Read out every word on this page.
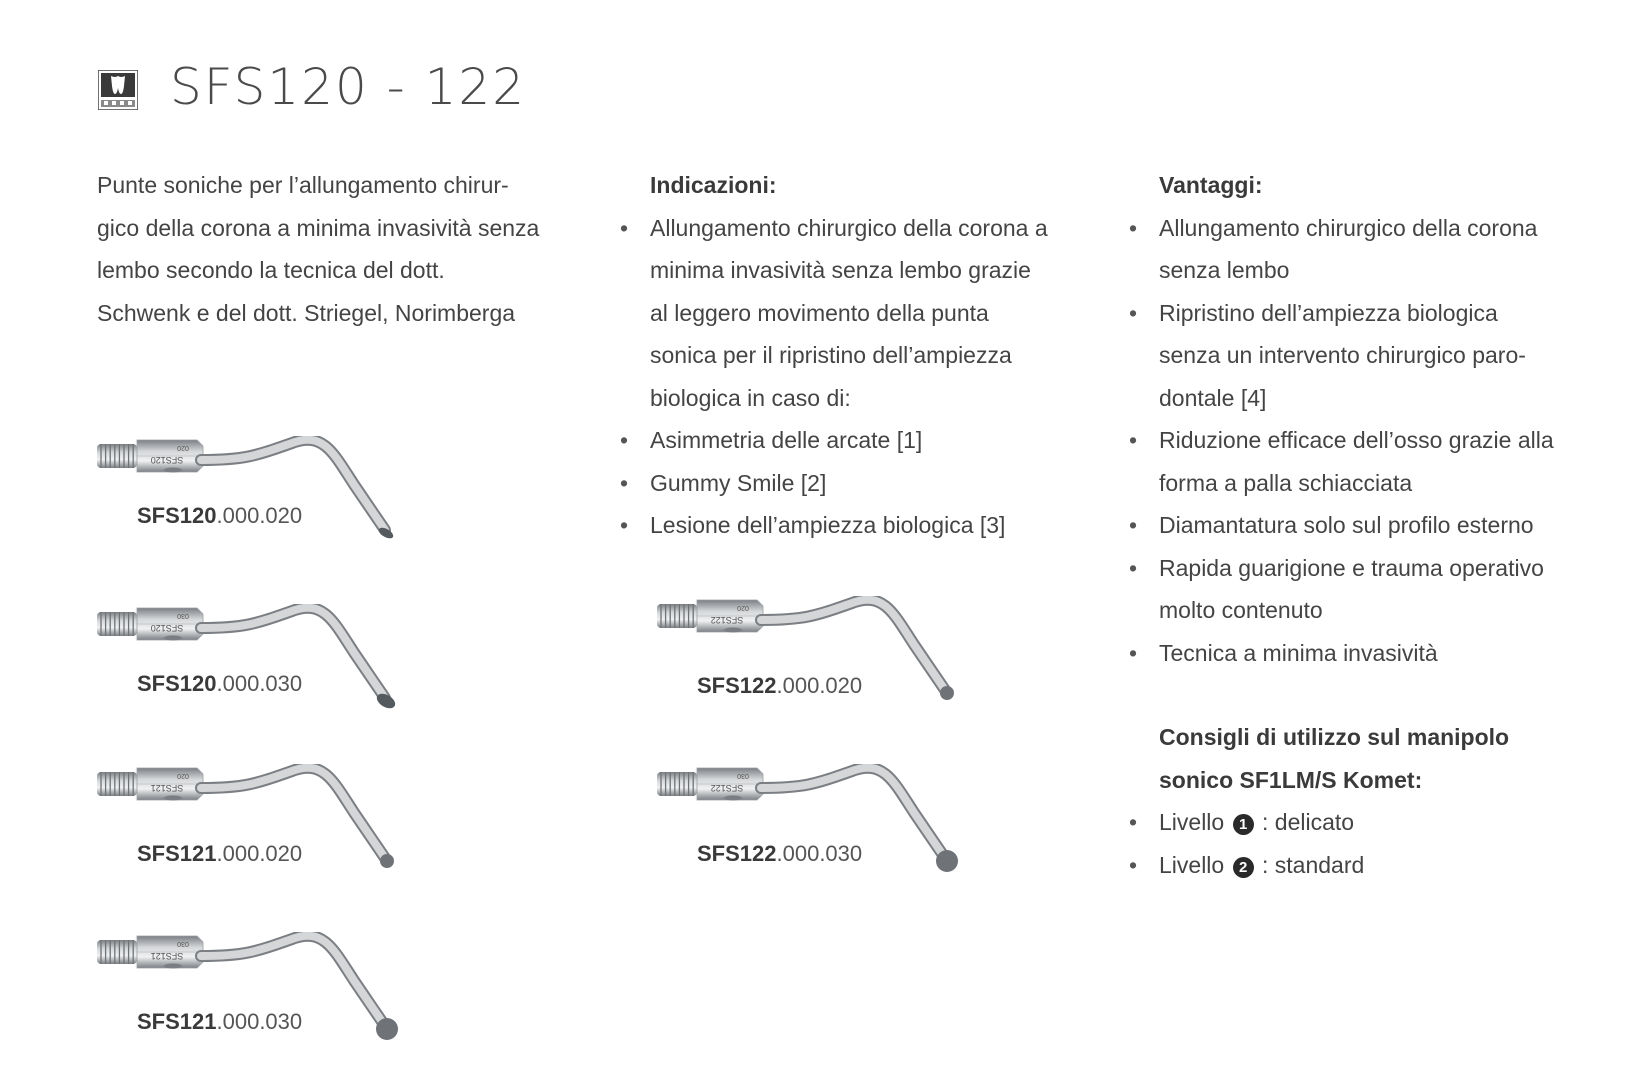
SFS120 - 122
Punte soniche per l’allungamento chirur-
gico della corona a minima invasività senza
lembo secondo la tecnica del dott.
Schwenk e del dott. Striegel, Norimberga
Indicazioni:
• Allungamento chirurgico della corona a
minima invasività senza lembo grazie
al leggero movimento della punta
sonica per il ripristino dell’ampiezza
biologica in caso di:
• Asimmetria delle arcate [1]
• Gummy Smile [2]
• Lesione dell’ampiezza biologica [3]
Vantaggi:
• Allungamento chirurgico della corona
senza lembo
• Ripristino dell’ampiezza biologica
senza un intervento chirurgico paro-
dontale [4]
• Riduzione efficace dell’osso grazie alla
forma a palla schiacciata
• Diamantatura solo sul profilo esterno
• Rapida guarigione e trauma operativo
molto contenuto
• Tecnica a minima invasività
Consigli di utilizzo sul manipolo
sonico SF1LM/S Komet:
• Livello 1 : delicato
• Livello 2 : standard
SFS120
020
SFS120.000.020
SFS120
030
SFS120.000.030
SFS121
020
SFS121.000.020
SFS121
030
SFS121.000.030
SFS122
020
SFS122.000.020
SFS122
030
SFS122.000.030
